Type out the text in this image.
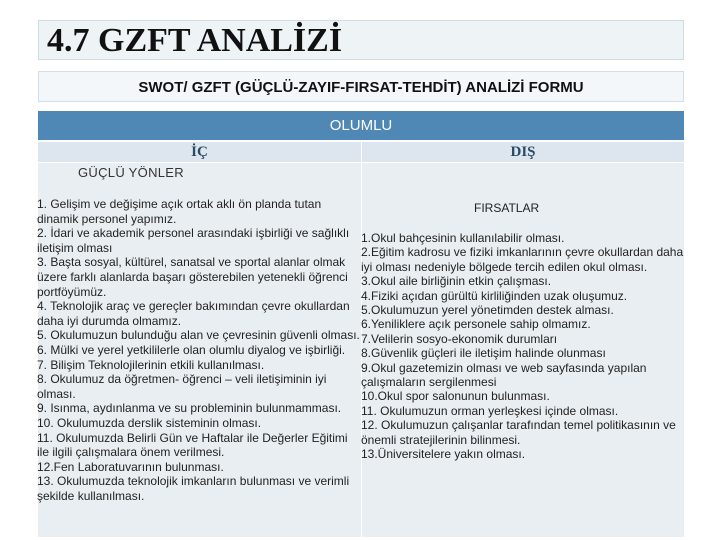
4.7 GZFT ANALİZİ
SWOT/ GZFT (GÜÇLÜ-ZAYIF-FIRSAT-TEHDİT) ANALİZİ FORMU
OLUMLU
İÇ	DIŞ
GÜÇLÜ YÖNLER
1. Gelişim ve değişime açık ortak aklı ön planda tutan dinamik personel yapımız.
2. İdari ve akademik personel arasındaki işbirliği ve sağlıklı iletişim olması
3. Başta sosyal, kültürel, sanatsal ve sportal alanlar olmak üzere farklı alanlarda başarı gösterebilen yetenekli öğrenci portföyümüz.
4. Teknolojik araç ve gereçler bakımından çevre okullardan daha iyi durumda olmamız.
5. Okulumuzun bulunduğu alan ve çevresinin güvenli olması.
6. Mülki ve yerel yetkililerle olan olumlu diyalog ve işbirliği.
7. Bilişim Teknolojilerinin etkili kullanılması.
8. Okulumuz da öğretmen- öğrenci – veli iletişiminin iyi olması.
9. Isınma, aydınlanma ve su probleminin bulunmamması.
10. Okulumuzda derslik sisteminin olması.
11. Okulumuzda Belirli Gün ve Haftalar ile Değerler Eğitimi ile ilgili çalışmalara önem verilmesi.
12.Fen Laboratuvarının bulunması.
13. Okulumuzda teknolojik imkanların bulunması ve verimli şekilde kullanılması.
FIRSATLAR
1.Okul bahçesinin kullanılabilir olması.
2.Eğitim kadrosu ve fiziki imkanlarının çevre okullardan daha iyi olması nedeniyle bölgede tercih edilen okul olması.
3.Okul aile birliğinin etkin çalışması.
4.Fiziki açıdan gürültü kirliliğinden uzak oluşumuz.
5.Okulumuzun yerel yönetimden destek alması.
6.Yeniliklere açık personele sahip olmamız.
7.Velilerin sosyo-ekonomik durumları
8.Güvenlik güçleri ile iletişim halinde olunması
9.Okul gazetemizin olması ve web sayfasında yapılan çalışmaların sergilenmesi
10.Okul spor salonunun bulunması.
11. Okulumuzun orman yerleşkesi içinde olması.
12. Okulumuzun çalışanlar tarafından temel politikasının ve önemli stratejilerinin bilinmesi.
13.Üniversitelere yakın olması.
